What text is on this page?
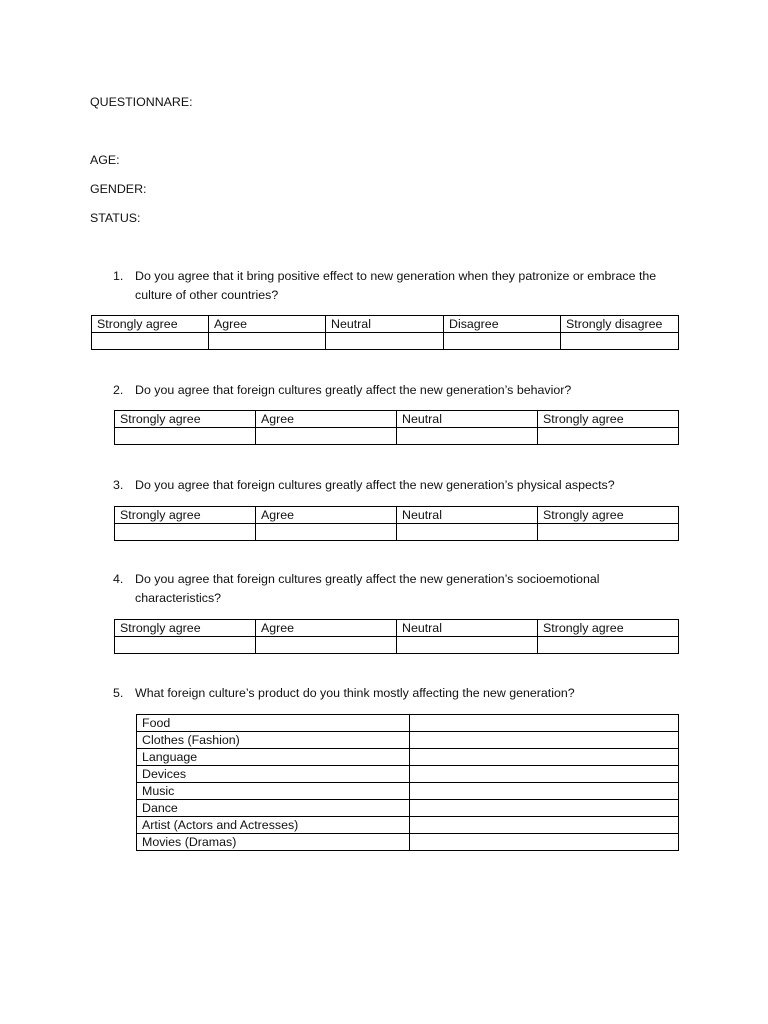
QUESTIONNARE:
AGE:
GENDER:
STATUS:
1. Do you agree that it bring positive effect to new generation when they patronize or embrace the culture of other countries?
Strongly agree	Agree	Neutral	Disagree	Strongly disagree

2. Do you agree that foreign cultures greatly affect the new generation’s behavior?
Strongly agree	Agree	Neutral	Strongly agree

3. Do you agree that foreign cultures greatly affect the new generation’s physical aspects?
Strongly agree	Agree	Neutral	Strongly agree

4. Do you agree that foreign cultures greatly affect the new generation’s socioemotional characteristics?
Strongly agree	Agree	Neutral	Strongly agree

5. What foreign culture’s product do you think mostly affecting the new generation?
Food	
Clothes (Fashion)	
Language	
Devices	
Music	
Dance	
Artist (Actors and Actresses)	
Movies (Dramas)	
